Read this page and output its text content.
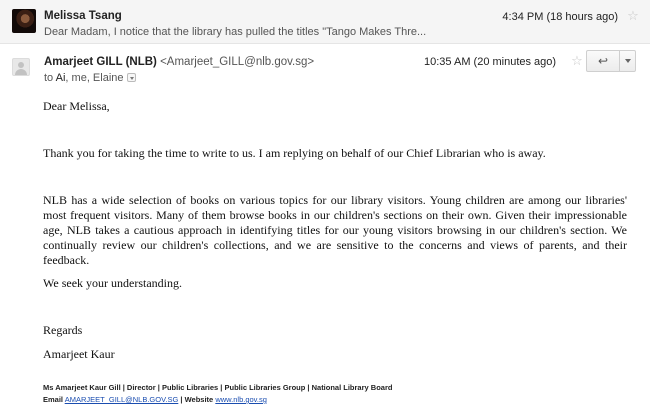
Melissa Tsang
Dear Madam, I notice that the library has pulled the titles "Tango Makes Thre...
4:34 PM (18 hours ago) ☆
Amarjeet GILL (NLB) <Amarjeet_GILL@nlb.gov.sg>
to Ai, me, Elaine
10:35 AM (20 minutes ago) ☆	↩
Dear Melissa,
Thank you for taking the time to write to us. I am replying on behalf of our Chief Librarian who is away.
NLB has a wide selection of books on various topics for our library visitors. Young children are among our libraries' most frequent visitors. Many of them browse books in our children's sections on their own. Given their impressionable age, NLB takes a cautious approach in identifying titles for our young visitors browsing in our children's section. We continually review our children's collections, and we are sensitive to the concerns and views of parents, and their feedback.
We seek your understanding.
Regards
Amarjeet Kaur
Ms Amarjeet Kaur Gill | Director | Public Libraries | Public Libraries Group | National Library Board
Email AMARJEET_GILL@NLB.GOV.SG | Website www.nlb.gov.sg
